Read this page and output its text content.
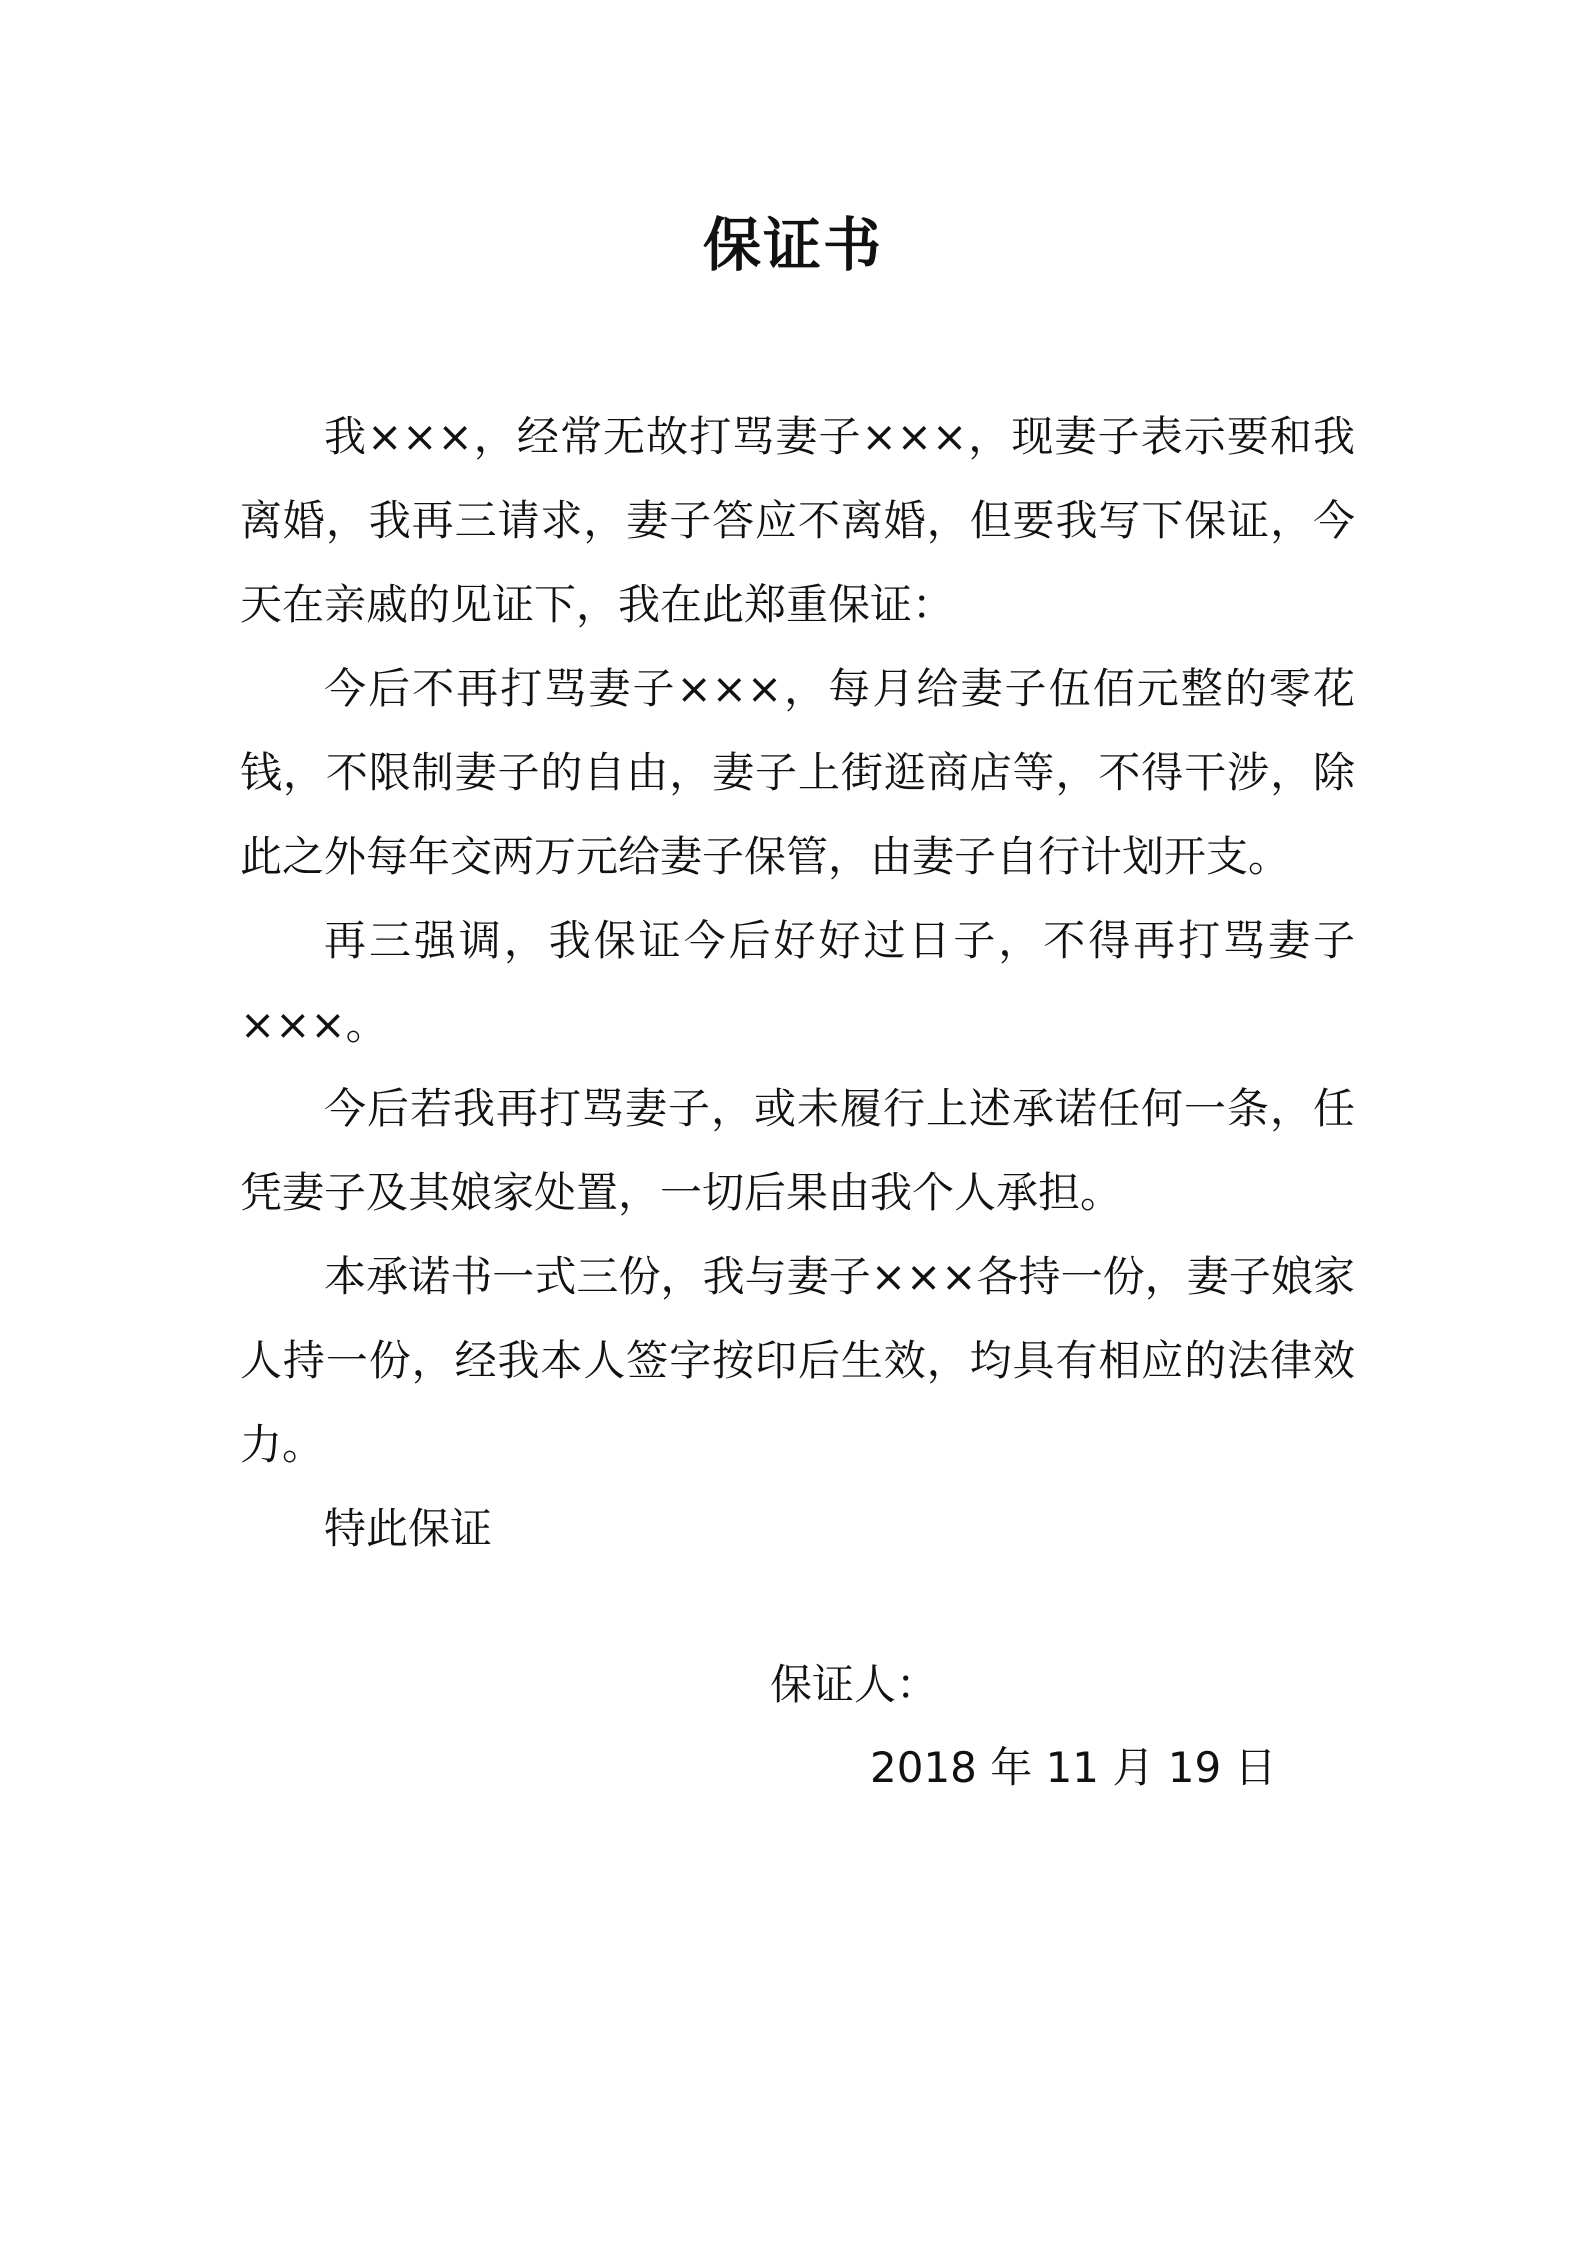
保证书

我×××，经常无故打骂妻子×××，现妻子表示要和我离婚，我再三请求，妻子答应不离婚，但要我写下保证，今天在亲戚的见证下，我在此郑重保证：

今后不再打骂妻子×××，每月给妻子伍佰元整的零花钱，不限制妻子的自由，妻子上街逛商店等，不得干涉，除此之外每年交两万元给妻子保管，由妻子自行计划开支。

再三强调，我保证今后好好过日子，不得再打骂妻子×××。

今后若我再打骂妻子，或未履行上述承诺任何一条，任凭妻子及其娘家处置，一切后果由我个人承担。

本承诺书一式三份，我与妻子×××各持一份，妻子娘家人持一份，经我本人签字按印后生效，均具有相应的法律效力。

特此保证

保证人：
2018 年 11 月 19 日
